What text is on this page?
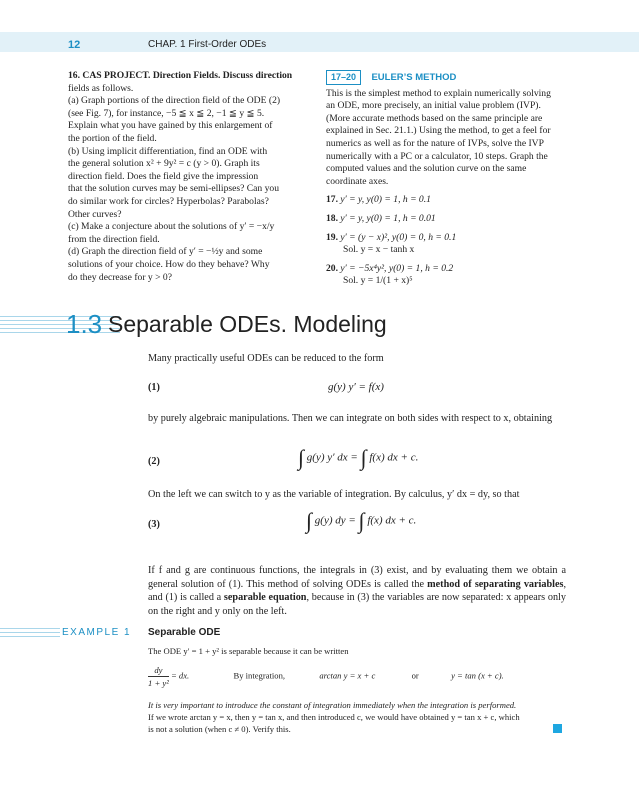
12	CHAP. 1 First-Order ODEs
16. CAS PROJECT. Direction Fields. Discuss direction
fields as follows.
(a) Graph portions of the direction field of the ODE (2)
(see Fig. 7), for instance, −5 ≦ x ≦ 2, −1 ≦ y ≦ 5.
Explain what you have gained by this enlargement of
the portion of the field.
(b) Using implicit differentiation, find an ODE with
the general solution x² + 9y² = c (y > 0). Graph its
direction field. Does the field give the impression
that the solution curves may be semi-ellipses? Can you
do similar work for circles? Hyperbolas? Parabolas?
Other curves?
(c) Make a conjecture about the solutions of y′ = −x/y
from the direction field.
(d) Graph the direction field of y′ = −½y and some
solutions of your choice. How do they behave? Why
do they decrease for y > 0?
17–20 EULER’S METHOD
This is the simplest method to explain numerically solving
an ODE, more precisely, an initial value problem (IVP).
(More accurate methods based on the same principle are
explained in Sec. 21.1.) Using the method, to get a feel for
numerics as well as for the nature of IVPs, solve the IVP
numerically with a PC or a calculator, 10 steps. Graph the
computed values and the solution curve on the same
coordinate axes.
17. y′ = y, y(0) = 1, h = 0.1
18. y′ = y, y(0) = 1, h = 0.01
19. y′ = (y − x)², y(0) = 0, h = 0.1
Sol. y = x − tanh x
20. y′ = −5x⁴y², y(0) = 1, h = 0.2
Sol. y = 1/(1 + x)⁵
1.3 Separable ODEs. Modeling
Many practically useful ODEs can be reduced to the form
(1)	g(y) y′ = f(x)
by purely algebraic manipulations. Then we can integrate on both sides with respect to x, obtaining
(2)	∫ g(y) y′ dx = ∫ f(x) dx + c.
On the left we can switch to y as the variable of integration. By calculus, y′ dx = dy, so that
(3)	∫ g(y) dy = ∫ f(x) dx + c.
If f and g are continuous functions, the integrals in (3) exist, and by evaluating them we obtain a general solution of (1). This method of solving ODEs is called the method of separating variables, and (1) is called a separable equation, because in (3) the variables are now separated: x appears only on the right and y only on the left.
EXAMPLE 1 Separable ODE
The ODE y′ = 1 + y² is separable because it can be written
$\frac{dy}{\text{1 + y²}}$ = dx.	By integration,	arctan y = x + c	or	y = tan (x + c).
It is very important to introduce the constant of integration immediately when the integration is performed.
If we wrote arctan y = x, then y = tan x, and then introduced c, we would have obtained y = tan x + c, which
is not a solution (when c ≠ 0). Verify this.
